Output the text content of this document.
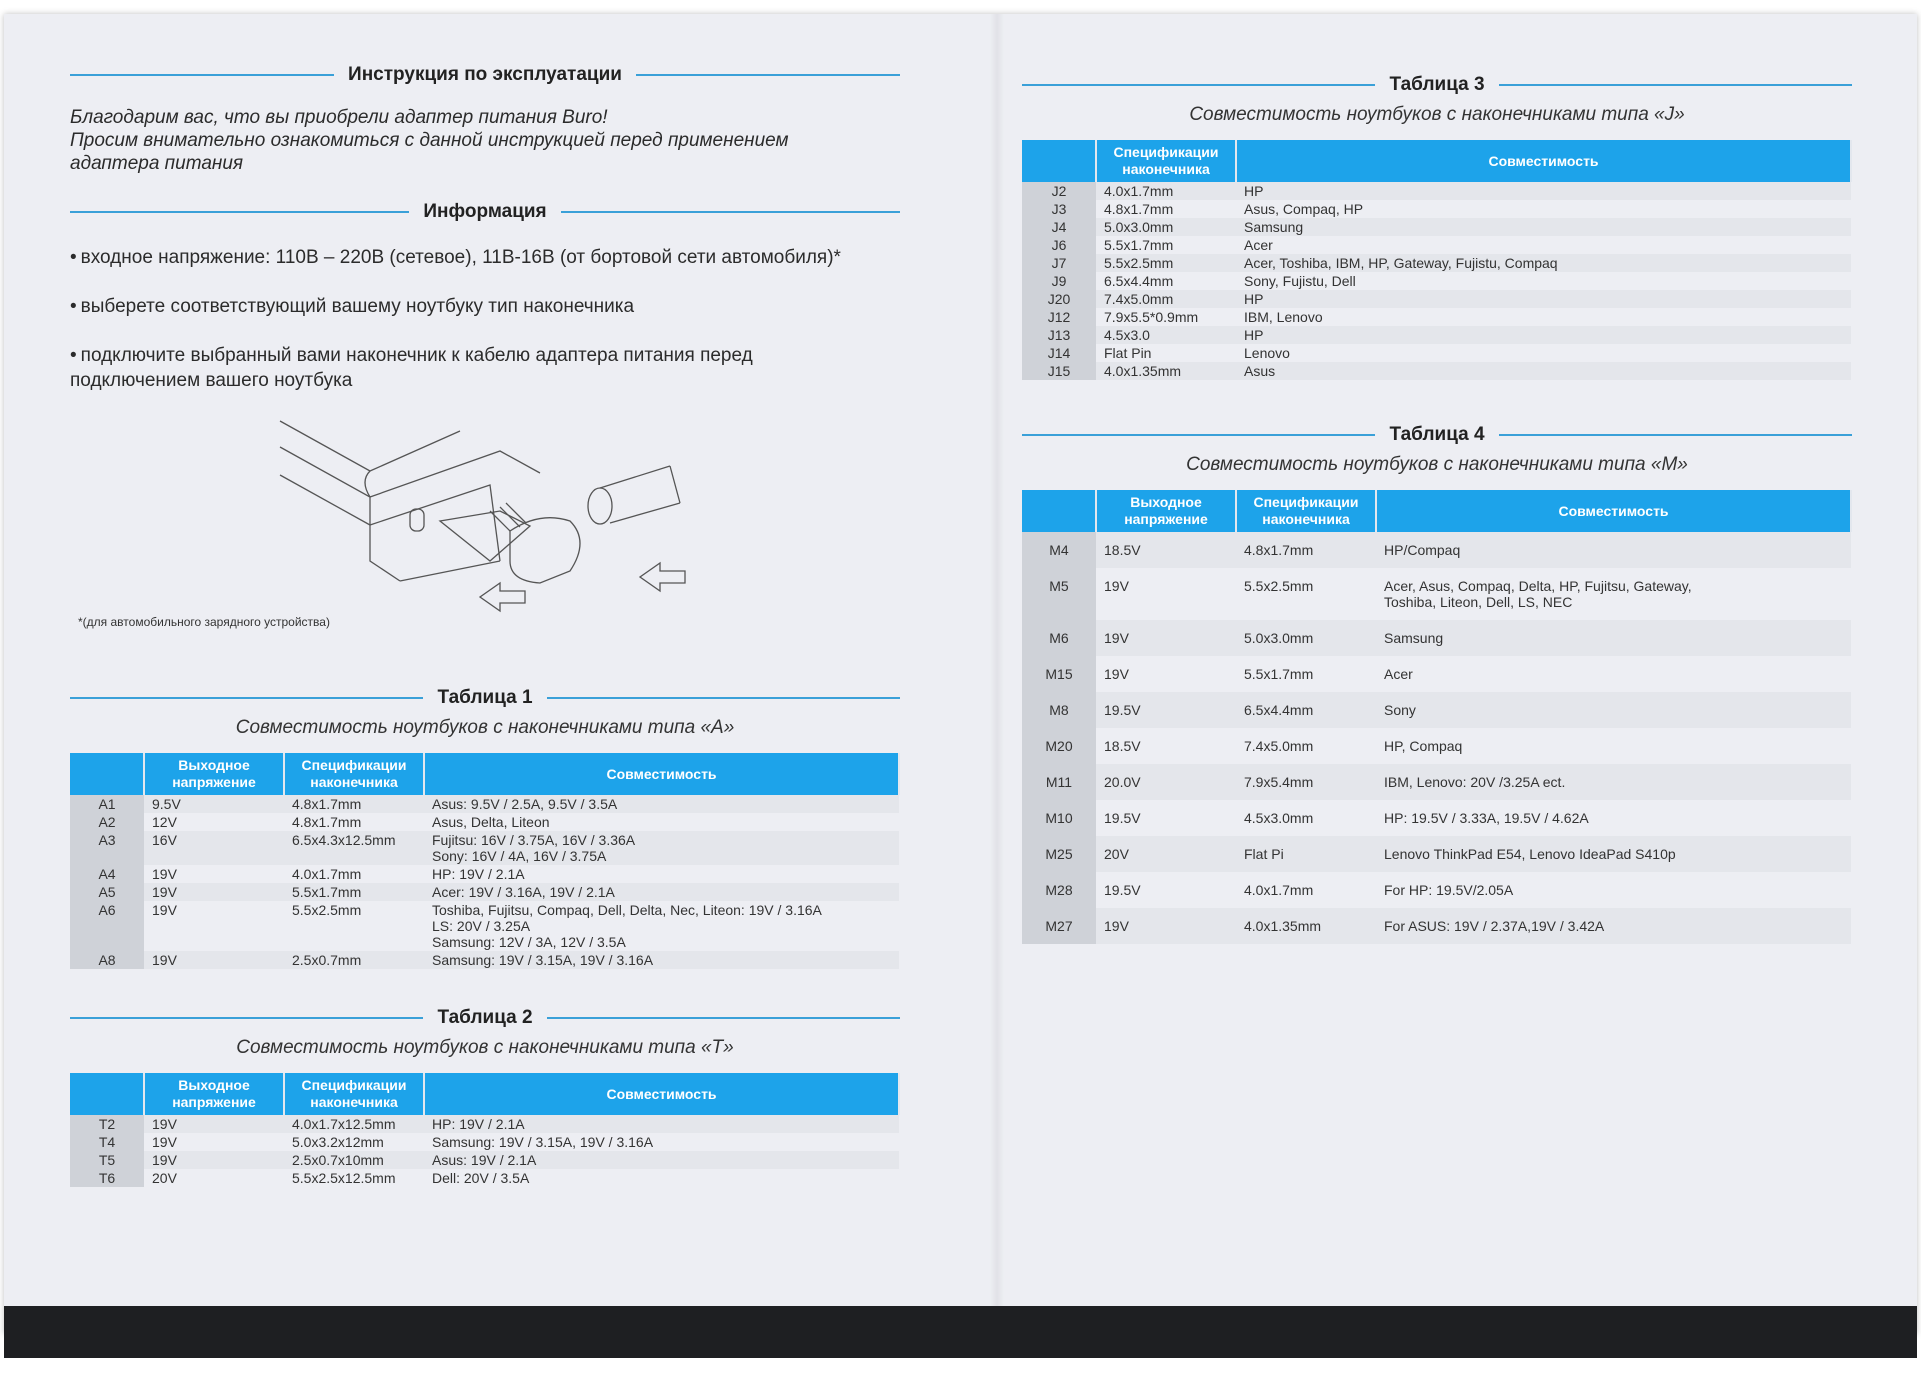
Инструкция по эксплуатации

Благодарим вас, что вы приобрели адаптер питания Buro!

Просим внимательно ознакомиться с данной инструкцией перед применением

адаптера питания

Информация
• входное напряжение: 110В – 220В (сетевое), 11В-16В (от бортовой сети автомобиля)*
• выберете соответствующий вашему ноутбуку тип наконечника
• подключите выбранный вами наконечник к кабелю адаптера питания перед подключением вашего ноутбука
*(для автомобильного зарядного устройства)
Таблица 1
Совместимость ноутбуков с наконечниками типа «A»
	Выходное напряжение	Спецификации наконечника	Совместимость
A1	9.5V	4.8x1.7mm	Asus: 9.5V / 2.5A, 9.5V / 3.5A
A2	12V	4.8x1.7mm	Asus, Delta, Liteon
A3	16V	6.5x4.3x12.5mm	Fujitsu: 16V / 3.75A, 16V / 3.36A
Sony: 16V / 4A, 16V / 3.75A

A4	19V	4.0x1.7mm	HP: 19V / 2.1A
A5	19V	5.5x1.7mm	Acer: 19V / 3.16A, 19V / 2.1A
A6	19V	5.5x2.5mm	Toshiba, Fujitsu, Compaq, Dell, Delta, Nec, Liteon: 19V / 3.16A
LS: 20V / 3.25A
Samsung: 12V / 3A, 12V / 3.5A

A8	19V	2.5x0.7mm	Samsung: 19V / 3.15A, 19V / 3.16A
Таблица 2
Совместимость ноутбуков с наконечниками типа «T»
	Выходное напряжение	Спецификации наконечника	Совместимость
T2	19V	4.0x1.7x12.5mm	HP: 19V / 2.1A
T4	19V	5.0x3.2x12mm	Samsung: 19V / 3.15A, 19V / 3.16A
T5	19V	2.5x0.7x10mm	Asus: 19V / 2.1A
T6	20V	5.5x2.5x12.5mm	Dell: 20V / 3.5A
Таблица 3
Совместимость ноутбуков с наконечниками типа «J»
	Спецификации наконечника	Совместимость
J2	4.0x1.7mm	HP
J3	4.8x1.7mm	Asus, Compaq, HP
J4	5.0x3.0mm	Samsung
J6	5.5x1.7mm	Acer
J7	5.5x2.5mm	Acer, Toshiba, IBM, HP, Gateway, Fujistu, Compaq
J9	6.5x4.4mm	Sony, Fujistu, Dell
J20	7.4x5.0mm	HP
J12	7.9x5.5*0.9mm	IBM, Lenovo
J13	4.5x3.0	HP
J14	Flat Pin	Lenovo
J15	4.0x1.35mm	Asus
Таблица 4
Совместимость ноутбуков с наконечниками типа «M»
	Выходное напряжение	Спецификации наконечника	Совместимость
M4	18.5V	4.8x1.7mm	HP/Compaq
M5	19V	5.5x2.5mm	Acer, Asus, Compaq, Delta, HP, Fujitsu, Gateway,
Toshiba, Liteon, Dell, LS, NEC

M6	19V	5.0x3.0mm	Samsung
M15	19V	5.5x1.7mm	Acer
M8	19.5V	6.5x4.4mm	Sony
M20	18.5V	7.4x5.0mm	HP, Compaq
M11	20.0V	7.9x5.4mm	IBM, Lenovo: 20V /3.25A ect.
M10	19.5V	4.5x3.0mm	HP: 19.5V / 3.33A, 19.5V / 4.62A
M25	20V	Flat Pi	Lenovo ThinkPad E54, Lenovo IdeaPad S410p
M28	19.5V	4.0x1.7mm	For HP: 19.5V/2.05A
M27	19V	4.0x1.35mm	For ASUS: 19V / 2.37A,19V / 3.42A
